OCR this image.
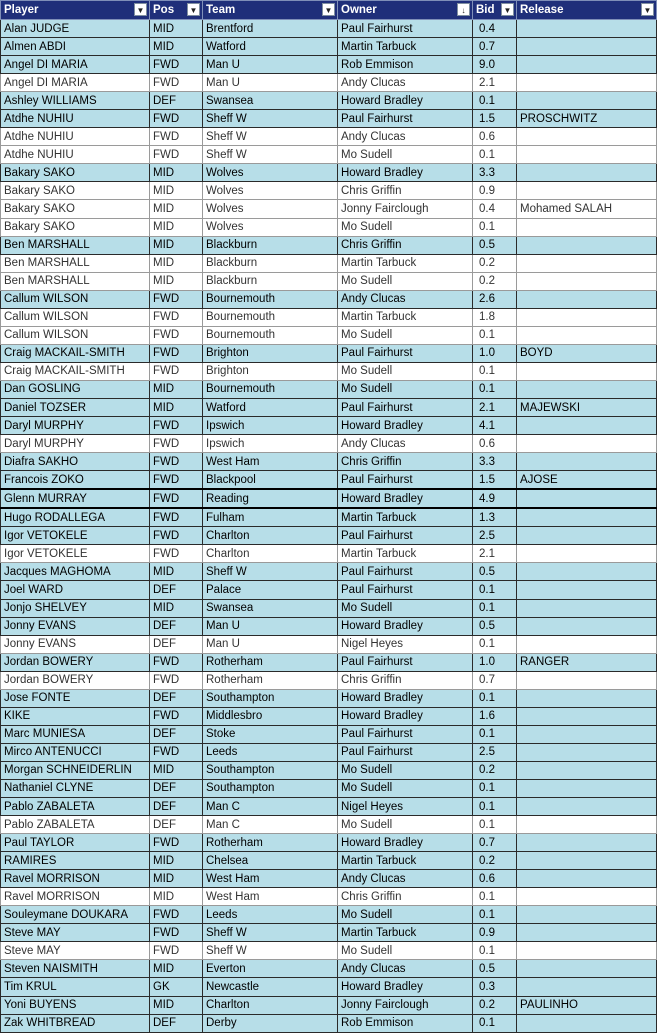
Player ▼	Pos ▼	Team ▼	Owner ↓	Bid ▼	Release ▼

Alan JUDGE	MID	Brentford	Paul Fairhurst	0.4	
Almen ABDI	MID	Watford	Martin Tarbuck	0.7	
Angel DI MARIA	FWD	Man U	Rob Emmison	9.0	
Angel DI MARIA	FWD	Man U	Andy Clucas	2.1	
Ashley WILLIAMS	DEF	Swansea	Howard Bradley	0.1	
Atdhe NUHIU	FWD	Sheff W	Paul Fairhurst	1.5	PROSCHWITZ
Atdhe NUHIU	FWD	Sheff W	Andy Clucas	0.6	
Atdhe NUHIU	FWD	Sheff W	Mo Sudell	0.1	
Bakary SAKO	MID	Wolves	Howard Bradley	3.3	
Bakary SAKO	MID	Wolves	Chris Griffin	0.9	
Bakary SAKO	MID	Wolves	Jonny Fairclough	0.4	Mohamed SALAH
Bakary SAKO	MID	Wolves	Mo Sudell	0.1	
Ben MARSHALL	MID	Blackburn	Chris Griffin	0.5	
Ben MARSHALL	MID	Blackburn	Martin Tarbuck	0.2	
Ben MARSHALL	MID	Blackburn	Mo Sudell	0.2	
Callum WILSON	FWD	Bournemouth	Andy Clucas	2.6	
Callum WILSON	FWD	Bournemouth	Martin Tarbuck	1.8	
Callum WILSON	FWD	Bournemouth	Mo Sudell	0.1	
Craig MACKAIL-SMITH	FWD	Brighton	Paul Fairhurst	1.0	BOYD
Craig MACKAIL-SMITH	FWD	Brighton	Mo Sudell	0.1	
Dan GOSLING	MID	Bournemouth	Mo Sudell	0.1	
Daniel TOZSER	MID	Watford	Paul Fairhurst	2.1	MAJEWSKI
Daryl MURPHY	FWD	Ipswich	Howard Bradley	4.1	
Daryl MURPHY	FWD	Ipswich	Andy Clucas	0.6	
Diafra SAKHO	FWD	West Ham	Chris Griffin	3.3	
Francois ZOKO	FWD	Blackpool	Paul Fairhurst	1.5	AJOSE
Glenn MURRAY	FWD	Reading	Howard Bradley	4.9	
Hugo RODALLEGA	FWD	Fulham	Martin Tarbuck	1.3	
Igor VETOKELE	FWD	Charlton	Paul Fairhurst	2.5	
Igor VETOKELE	FWD	Charlton	Martin Tarbuck	2.1	
Jacques MAGHOMA	MID	Sheff W	Paul Fairhurst	0.5	
Joel WARD	DEF	Palace	Paul Fairhurst	0.1	
Jonjo SHELVEY	MID	Swansea	Mo Sudell	0.1	
Jonny EVANS	DEF	Man U	Howard Bradley	0.5	
Jonny EVANS	DEF	Man U	Nigel Heyes	0.1	
Jordan BOWERY	FWD	Rotherham	Paul Fairhurst	1.0	RANGER
Jordan BOWERY	FWD	Rotherham	Chris Griffin	0.7	
Jose FONTE	DEF	Southampton	Howard Bradley	0.1	
KIKE	FWD	Middlesbro	Howard Bradley	1.6	
Marc MUNIESA	DEF	Stoke	Paul Fairhurst	0.1	
Mirco ANTENUCCI	FWD	Leeds	Paul Fairhurst	2.5	
Morgan SCHNEIDERLIN	MID	Southampton	Mo Sudell	0.2	
Nathaniel CLYNE	DEF	Southampton	Mo Sudell	0.1	
Pablo ZABALETA	DEF	Man C	Nigel Heyes	0.1	
Pablo ZABALETA	DEF	Man C	Mo Sudell	0.1	
Paul TAYLOR	FWD	Rotherham	Howard Bradley	0.7	
RAMIRES	MID	Chelsea	Martin Tarbuck	0.2	
Ravel MORRISON	MID	West Ham	Andy Clucas	0.6	
Ravel MORRISON	MID	West Ham	Chris Griffin	0.1	
Souleymane DOUKARA	FWD	Leeds	Mo Sudell	0.1	
Steve MAY	FWD	Sheff W	Martin Tarbuck	0.9	
Steve MAY	FWD	Sheff W	Mo Sudell	0.1	
Steven NAISMITH	MID	Everton	Andy Clucas	0.5	
Tim KRUL	GK	Newcastle	Howard Bradley	0.3	
Yoni BUYENS	MID	Charlton	Jonny Fairclough	0.2	PAULINHO
Zak WHITBREAD	DEF	Derby	Rob Emmison	0.1	
